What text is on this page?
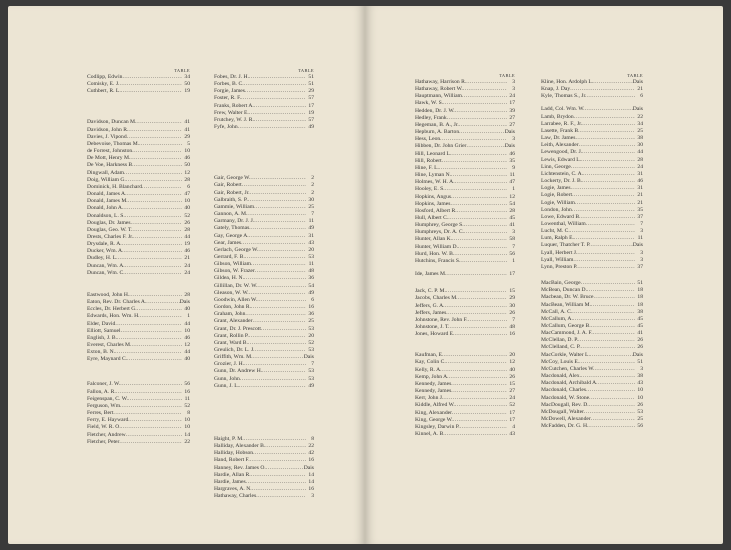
TABLE
Codlipp, Edwin .....	34
Comisky, E. J. .....	50
Cuthbert, R. L. .....	19
Davidson, Duncan M. .....	41
Davidson, John R. .....	41
Davies, J. Vipond .....	29
Debevoise, Thomas M. .....	5
de Forrest, Johnston .....	10
De Mott, Henry M. .....	46
De Voe, Harkness B. .....	50
Dingwall, Adam .....	12
Doig, William G. .....	28
Dominick, H. Blanchard .....	6
Donald, James A. .....	47
Donald, James M. .....	10
Donald, John A. .....	40
Donaldson, L. S. .....	52
Douglas, Dr. James .....	26
Douglas, Geo. W. T. .....	28
Drests, Charles F. Jr. .....	44
Drysdale, R. A. .....	19
Ducker, Wm. A. .....	46
Dudley, H. L. .....	21
Duncan, Wm. A. .....	24
Duncan, Wm. C. .....	24
Eastwood, John H. .....	28
Eaton, Rev. Dr. Charles A. .....	Dais
Eccles, Dr. Herbert G. .....	40
Edwards, Hon. Wm. H. .....	1
Elder, David .....	44
Elliott, Samuel .....	10
English, J. B. .....	46
Everest, Charles M. .....	12
Exton, B. N. .....	44
Eyre, Maynard C. .....	40
Falconer, J. W. .....	56
Fallon, A. R. .....	16
Feigenspan, C. W. .....	11
Ferguson, Wm. .....	52
Ferres, Bert .....	8
Ferry, E. Hayward .....	10
Field, W. R. O. .....	10
Fletcher, Andrew .....	14
Fletcher, Peter .....	22
TABLE
Fobes, Dr. J. H. .....	51
Forbes, B. C. .....	51
Forgie, James .....	29
Foster, R. F. .....	57
Franks, Robert A. .....	17
Frew, Walter E. .....	19
Frutchey, W. J. R. .....	57
Fyfe, John .....	49
Gair, George W. .....	2
Gair, Robert .....	2
Gair, Robert, Jr. .....	2
Galbraith, S. P. .....	30
Gammie, William .....	25
Gannon, A. M. .....	7
Garmany, Dr. J. J. .....	11
Gately, Thomas .....	49
Gay, George A. .....	31
Gear, James .....	43
Gerlach, George W. .....	20
Gerrard, F. B. .....	53
Gibson, William .....	11
Gibson, W. Frazer .....	48
Gildea, H. N. .....	36
Gillillan, Dr. W. W. .....	54
Gleason, W. W. .....	49
Goodwin, Allen W. .....	6
Gordon, John R. .....	16
Graham, John .....	36
Grant, Alexander .....	25
Grant, Dr. J. Prescott .....	53
Grant, Rollin P. .....	20
Grant, Ward B. .....	52
Greulich, Dr. L. J. .....	53
Griffith, Wm. M. .....	Dais
Grozier, J. H. .....	7
Gunn, Dr. Andrew H. .....	53
Gunn, John .....	53
Gunn, J. L. .....	49
Haight, P. M. .....	8
Halliday, Alexander B. .....	22
Halliday, Hobson .....	42
Hand, Robert F. .....	16
Hanney, Rev. James O. .....	Dais
Hardie, Allan R. .....	14
Hardie, James .....	14
Hargraves, A. N. .....	16
Hathaway, Charles .....	3
TABLE
Hathaway, Harrison R. .....	3
Hathaway, Robert W. .....	3
Hauptmann, William .....	24
Hawk, W. S. .....	17
Hedden, Dr. J. W. .....	39
Hedley, Frank .....	27
Hegeman, B. A., Jr. .....	27
Hepburn, A. Barton .....	Dais
Hess, Leon .....	3
Hibben, Dr. John Grier .....	Dais
Hill, Leonard L. .....	46
Hill, Robert .....	35
Hine, F. L. .....	9
Hine, Lyman N. .....	11
Holmes, W. H. A. .....	47
Hooley, E. S. .....	1
Hopkins, Angus .....	12
Hopkins, James .....	54
Hosford, Albert R. .....	28
Hull, Albert C. .....	45
Humphrey, George S. .....	41
Humphreys, Dr. A. C. .....	3
Hunter, Allan K. .....	58
Hunter, William D. .....	7
Hurd, Hon. W. B. .....	56
Hutchins, Francis S. .....	1
Ide, James M. .....	17
Jack, C. P. M. .....	15
Jacobs, Charles M. .....	29
Jeffers, G. A. .....	30
Jeffers, James .....	26
Johnstone, Rev. John F. .....	7
Johnstone, J. T. .....	48
Jones, Howard E. .....	16
Kaufman, E. .....	20
Kay, Colin C. .....	12
Kelly, R. A. .....	40
Kemp, John A. .....	26
Kennedy, James .....	15
Kennedy, James .....	27
Kerr, John J. .....	24
Kiddle, Alfred W. .....	52
King, Alexander .....	17
King, George W. .....	17
Kingsley, Darwin P. .....	4
Kinnel, A. B. .....	43
TABLE
Kline, Hon. Ardolph L. .....	Dais
Knap, J. Day .....	21
Kyle, Thomas S., Jr. .....	6
Ladd, Col. Wm. W. .....	Dais
Lamb, Brydon .....	22
Larrabee, R. F., Jr. .....	34
Lasette, Frank B. .....	25
Law, Dr. James .....	38
Leith, Alexander .....	30
Lewengood, Dr. J. .....	44
Lewis, Edward L. .....	28
Linn, George .....	24
Lichtenstein, C. A. .....	31
Lockerty, Dr. J. B. .....	46
Logie, James .....	31
Logie, Robert .....	21
Logie, William .....	21
London, John .....	35
Lowe, Edward B. .....	37
Lowenthal, William .....	7
Lucht, M. C. .....	3
Lum, Ralph E. .....	11
Luquer, Thatcher T. P. .....	Dais
Lyall, Herbert J. .....	3
Lyall, William .....	3
Lynn, Preston P. .....	37
MacBain, George .....	51
McBean, Duncan D. .....	18
Macbean, Dr. W. Bruce .....	18
MacBean, William M. .....	18
McCall, A. C. .....	38
McCallum, A. .....	45
McCallum, George B. .....	45
MacCammond, J. A. F. .....	41
McClellan, D. P. .....	26
McClelland, C. P. .....	26
MacCorkle, Walter L. .....	Dais
McCoy, Louis E. .....	51
McCutchen, Charles W. .....	3
Macdonald, Alex. .....	38
Macdonald, Archibald A. .....	43
Macdonald, Charles .....	10
Macdonald, W. Stone .....	10
MacDougall, Rev. D. .....	26
McDougall, Walter .....	53
McDowell, Alexander .....	25
McFadden, Dr. G. H. .....	56
